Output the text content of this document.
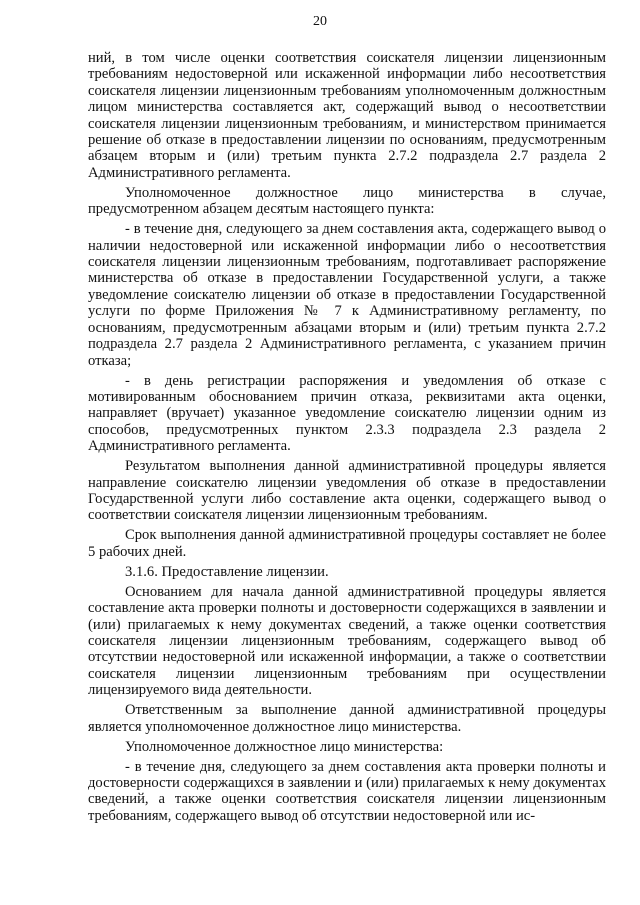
20

ний, в том числе оценки соответствия соискателя лицензии лицензионным требованиям недостоверной или искаженной информации либо несоответствия соискателя лицензии лицензионным требованиям уполномоченным должностным лицом министерства составляется акт, содержащий вывод о несоответствии соискателя лицензии лицензионным требованиям, и министерством принимается решение об отказе в предоставлении лицензии по основаниям, предусмотренным абзацем вторым и (или) третьим пункта 2.7.2 подраздела 2.7 раздела 2 Административного регламента.

Уполномоченное должностное лицо министерства в случае, предусмотренном абзацем десятым настоящего пункта:

- в течение дня, следующего за днем составления акта, содержащего вывод о наличии недостоверной или искаженной информации либо о несоответствия соискателя лицензии лицензионным требованиям, подготавливает распоряжение министерства об отказе в предоставлении Государственной услуги, а также уведомление соискателю лицензии об отказе в предоставлении Государственной услуги по форме Приложения № 7 к Административному регламенту, по основаниям, предусмотренным абзацами вторым и (или) третьим пункта 2.7.2 подраздела 2.7 раздела 2 Административного регламента, с указанием причин отказа;

- в день регистрации распоряжения и уведомления об отказе с мотивированным обоснованием причин отказа, реквизитами акта оценки, направляет (вручает) указанное уведомление соискателю лицензии одним из способов, предусмотренных пунктом 2.3.3 подраздела 2.3 раздела 2 Административного регламента.

Результатом выполнения данной административной процедуры является направление соискателю лицензии уведомления об отказе в предоставлении Государственной услуги либо составление акта оценки, содержащего вывод о соответствии соискателя лицензии лицензионным требованиям.

Срок выполнения данной административной процедуры составляет не более 5 рабочих дней.

3.1.6. Предоставление лицензии.

Основанием для начала данной административной процедуры является составление акта проверки полноты и достоверности содержащихся в заявлении и (или) прилагаемых к нему документах сведений, а также оценки соответствия соискателя лицензии лицензионным требованиям, содержащего вывод об отсутствии недостоверной или искаженной информации, а также о соответствии соискателя лицензии лицензионным требованиям при осуществлении лицензируемого вида деятельности.

Ответственным за выполнение данной административной процедуры является уполномоченное должностное лицо министерства.

Уполномоченное должностное лицо министерства:

- в течение дня, следующего за днем составления акта проверки полноты и достоверности содержащихся в заявлении и (или) прилагаемых к нему документах сведений, а также оценки соответствия соискателя лицензии лицензионным требованиям, содержащего вывод об отсутствии недостоверной или ис-
